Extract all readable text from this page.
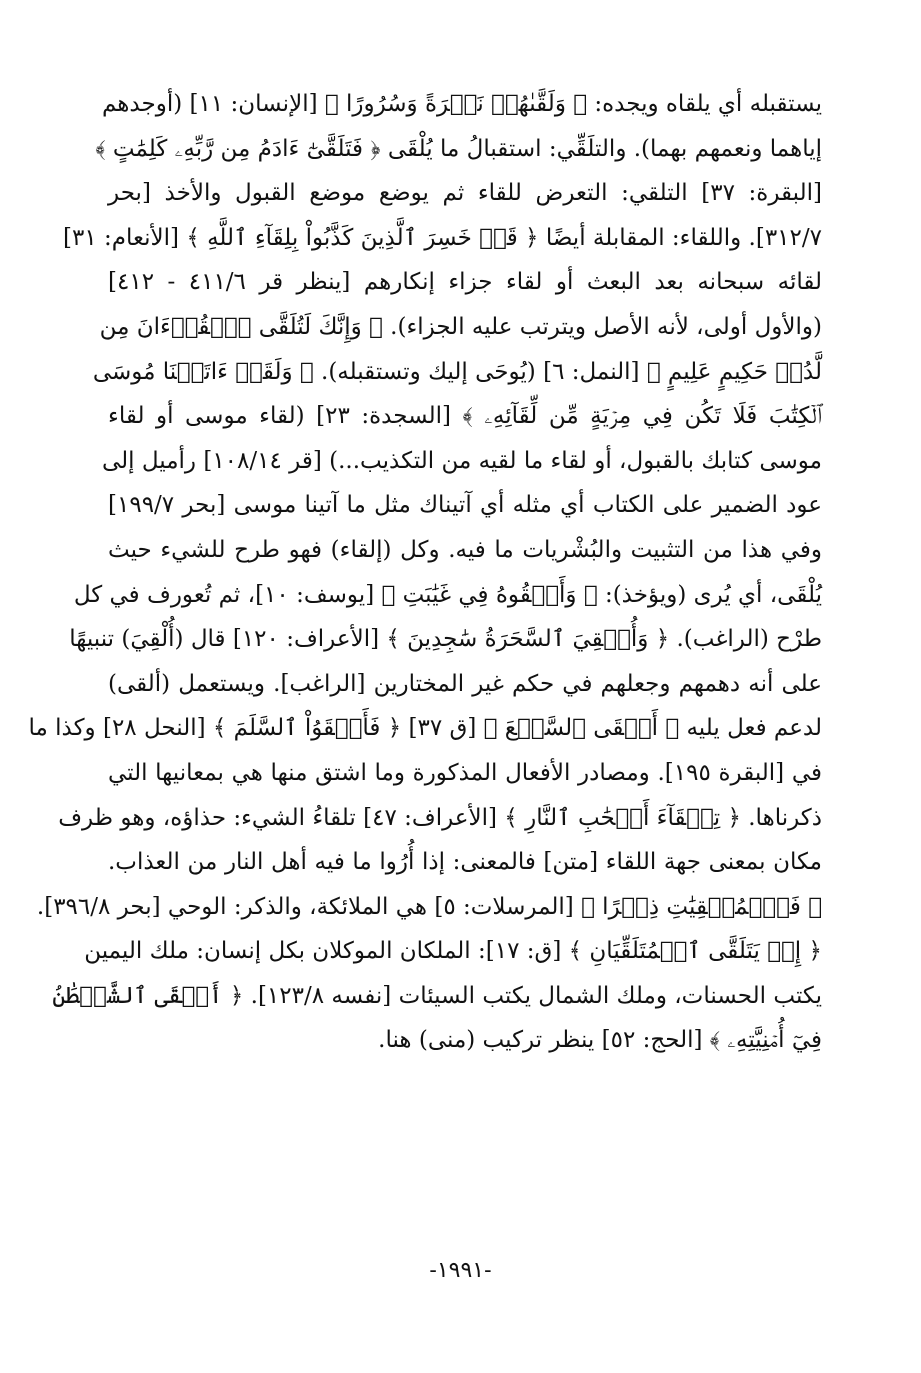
يستقبله أي يلقاه ويجده: ﴿ وَلَقَّىٰهُمۡ نَضۡرَةً وَسُرُورًا ﴾ [الإنسان: ١١] (أوجدهم
إياهما ونعمهم بهما). والتلَقِّي: استقبالُ ما يُلْقَى ﴿ فَتَلَقَّىٰٓ ءَادَمُ مِن رَّبِّهِۦ كَلِمَٰتٍ ﴾
[البقرة: ٣٧] التلقي: التعرض للقاء ثم يوضع موضع القبول والأخذ [بحر
٣١٢/٧]. واللقاء: المقابلة أيضًا ﴿ قَدۡ خَسِرَ ٱلَّذِينَ كَذَّبُواْ بِلِقَآءِ ٱللَّهِ ﴾ [الأنعام: ٣١]
لقائه سبحانه بعد البعث أو لقاء جزاء إنكارهم [ينظر قر ٤١١/٦ - ٤١٢]
(والأول أولى، لأنه الأصل ويترتب عليه الجزاء). ﴿ وَإِنَّكَ لَتُلَقَّى ٱلۡقُرۡءَانَ مِن
لَّدُنۡ حَكِيمٍ عَلِيمٍ ﴾ [النمل: ٦] (يُوحَى إليك وتستقبله). ﴿ وَلَقَدۡ ءَاتَيۡنَا مُوسَى
ٱلۡكِتَٰبَ فَلَا تَكُن فِي مِرۡيَةٍ مِّن لِّقَآئِهِۦ ﴾ [السجدة: ٢٣] (لقاء موسى أو لقاء
موسى كتابك بالقبول، أو لقاء ما لقيه من التكذيب...) [قر ١٠٨/١٤] رأميل إلى
عود الضمير على الكتاب أي مثله أي آتيناك مثل ما آتينا موسى [بحر ١٩٩/٧]
وفي هذا من التثبيت والبُشْريات ما فيه. وكل (إلقاء) فهو طرح للشيء حيث
يُلْقَى، أي يُرى (ويؤخذ): ﴿ وَأَلۡقُوهُ فِي غَيَٰبَتِ ﴾ [يوسف: ١٠]، ثم تُعورف في كل
طرْح (الراغب). ﴿ وَأُلۡقِيَ ٱلسَّحَرَةُ سَٰجِدِينَ ﴾ [الأعراف: ١٢٠] قال (أُلْقِيَ) تنبيهًا
على أنه دهمهم وجعلهم في حكم غير المختارين [الراغب]. ويستعمل (ألقى)
لدعم فعل يليه ﴿ أَلۡقَى ٱلسَّمۡعَ ﴾ [ق ٣٧] ﴿ فَأَلۡقَوُاْ ٱلسَّلَمَ ﴾ [النحل ٢٨] وكذا ما
في [البقرة ١٩٥]. ومصادر الأفعال المذكورة وما اشتق منها هي بمعانيها التي
ذكرناها. ﴿ تِلۡقَآءَ أَصۡحَٰبِ ٱلنَّارِ ﴾ [الأعراف: ٤٧] تلقاءُ الشيء: حذاؤه، وهو ظرف
مكان بمعنى جهة اللقاء [متن] فالمعنى: إذا أُرُوا ما فيه أهل النار من العذاب.
﴿ فَٱلۡمُلۡقِيَٰتِ ذِكۡرًا ﴾ [المرسلات: ٥] هي الملائكة، والذكر: الوحي [بحر ٣٩٦/٨].
﴿ إِذۡ يَتَلَقَّى ٱلۡمُتَلَقِّيَانِ ﴾ [ق: ١٧]: الملكان الموكلان بكل إنسان: ملك اليمين
يكتب الحسنات، وملك الشمال يكتب السيئات [نفسه ١٢٣/٨]. ﴿ أَلۡقَى ٱلشَّيۡطَٰنُ
فِيٓ أُمۡنِيَّتِهِۦ ﴾ [الحج: ٥٢] ينظر تركيب (منى) هنا.
-١٩٩١-
